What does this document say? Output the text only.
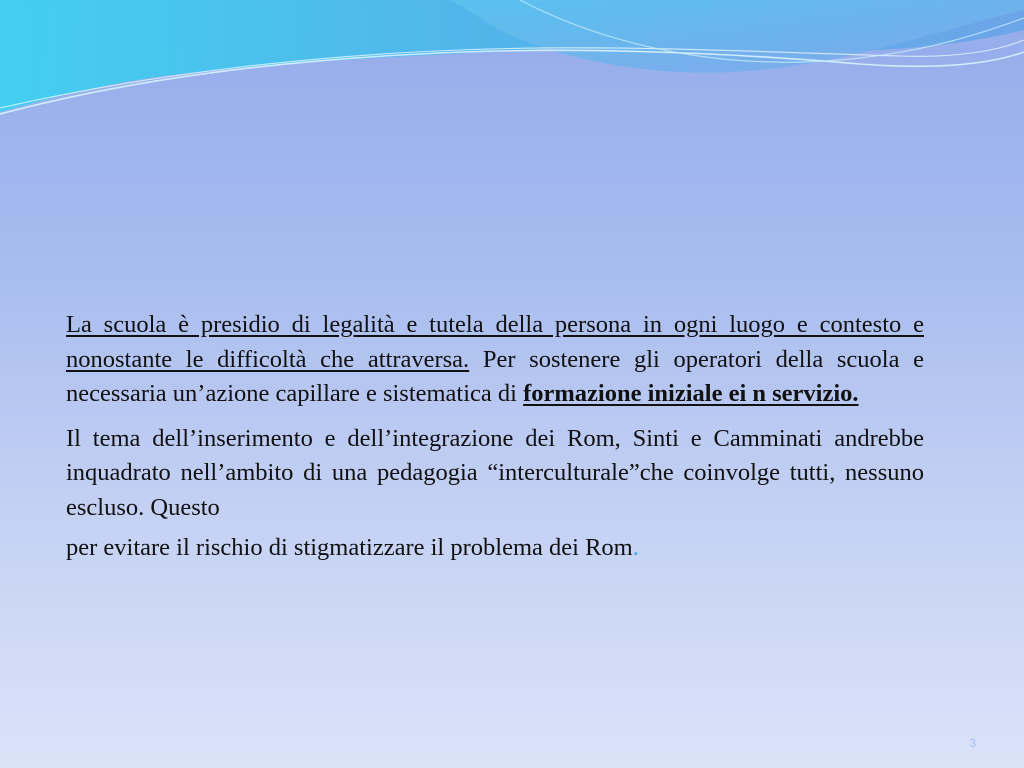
La scuola è presidio di legalità e tutela della persona in ogni luogo e contesto e nonostante le difficoltà che attraversa. Per sostenere gli operatori della scuola e necessaria un’azione capillare e sistematica di formazione iniziale ei n servizio.

Il tema dell’inserimento e dell’integrazione dei Rom, Sinti e Camminati andrebbe inquadrato nell’ambito di una pedagogia “interculturale”che coinvolge tutti, nessuno escluso. Questo
per evitare il rischio di stigmatizzare il problema dei Rom.

3
